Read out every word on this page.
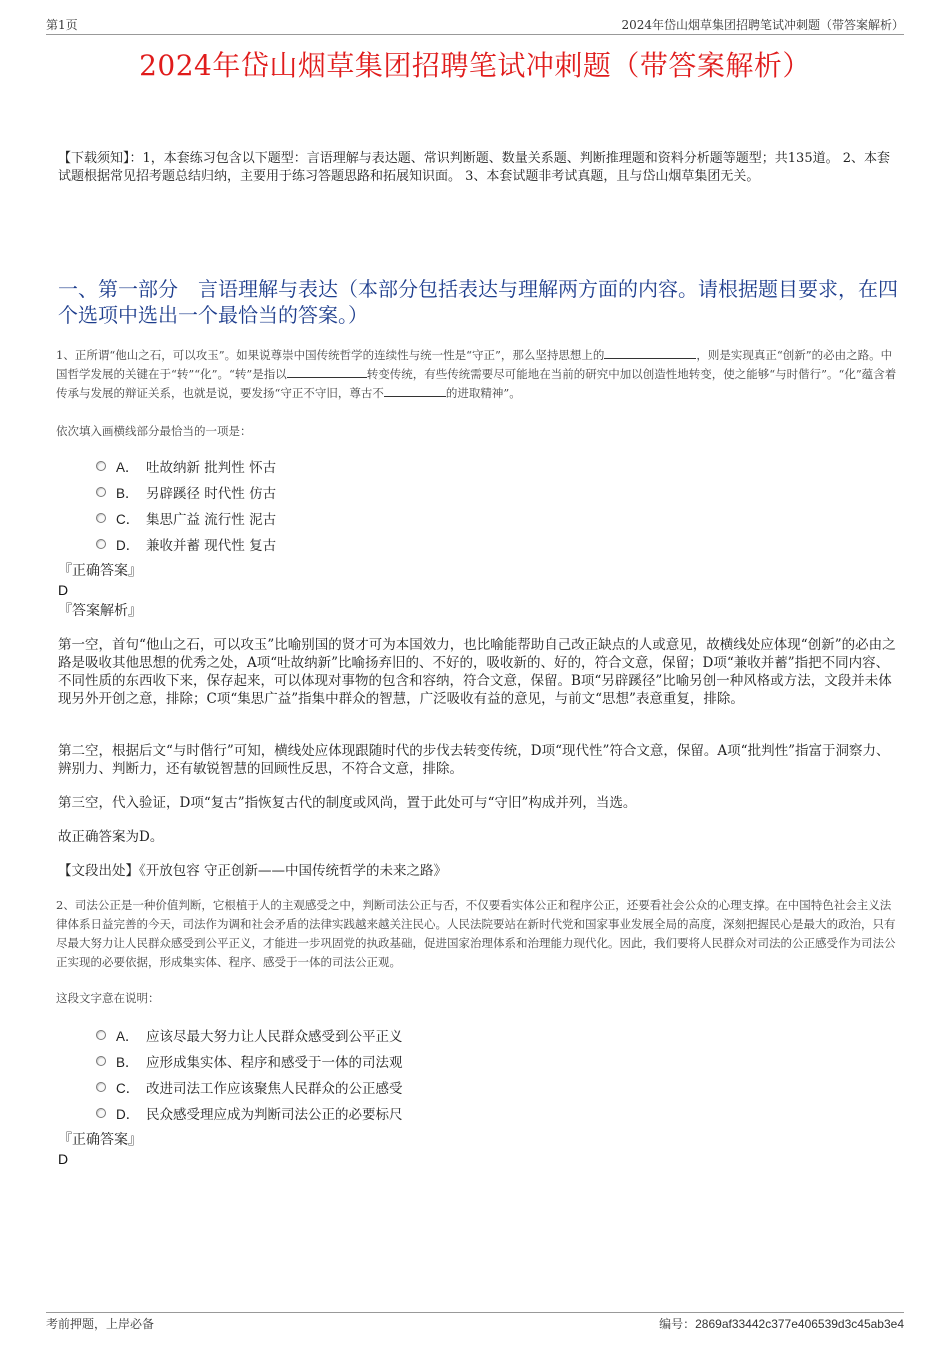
第1页	2024年岱山烟草集团招聘笔试冲刺题（带答案解析）
2024年岱山烟草集团招聘笔试冲刺题（带答案解析）
【下载须知】：1，本套练习包含以下题型：言语理解与表达题、常识判断题、数量关系题、判断推理题和资料分析题等题型；共135道。 2、本套试题根据常见招考题总结归纳，主要用于练习答题思路和拓展知识面。 3、本套试题非考试真题，且与岱山烟草集团无关。
一、第一部分　言语理解与表达（本部分包括表达与理解两方面的内容。请根据题目要求，在四个选项中选出一个最恰当的答案。）
1、正所谓“他山之石，可以攻玉”。如果说尊崇中国传统哲学的连续性与统一性是“守正”，那么坚持思想上的	，则是实现真正“创新”的必由之路。中国哲学发展的关键在于“转”“化”。“转”是指以	转变传统，有些传统需要尽可能地在当前的研究中加以创造性地转变，使之能够“与时偕行”。“化”蕴含着传承与发展的辩证关系，也就是说，要发扬“守正不守旧，尊古不	的进取精神”。
依次填入画横线部分最恰当的一项是：
A． 吐故纳新 批判性 怀古
B． 另辟蹊径 时代性 仿古
C． 集思广益 流行性 泥古
D． 兼收并蓄 现代性 复古
『正确答案』
D
『答案解析』
第一空，首句“他山之石，可以攻玉”比喻别国的贤才可为本国效力，也比喻能帮助自己改正缺点的人或意见，故横线处应体现“创新”的必由之路是吸收其他思想的优秀之处，A项“吐故纳新”比喻扬弃旧的、不好的，吸收新的、好的，符合文意，保留；D项“兼收并蓄”指把不同内容、不同性质的东西收下来，保存起来，可以体现对事物的包含和容纳，符合文意，保留。B项“另辟蹊径”比喻另创一种风格或方法，文段并未体现另外开创之意，排除；C项“集思广益”指集中群众的智慧，广泛吸收有益的意见，与前文“思想”表意重复，排除。
第二空，根据后文“与时偕行”可知，横线处应体现跟随时代的步伐去转变传统，D项“现代性”符合文意，保留。A项“批判性”指富于洞察力、辨别力、判断力，还有敏锐智慧的回顾性反思，不符合文意，排除。
第三空，代入验证，D项“复古”指恢复古代的制度或风尚，置于此处可与“守旧”构成并列，当选。
故正确答案为D。
【文段出处】《开放包容 守正创新——中国传统哲学的未来之路》
2、司法公正是一种价值判断，它根植于人的主观感受之中，判断司法公正与否，不仅要看实体公正和程序公正，还要看社会公众的心理支撑。在中国特色社会主义法律体系日益完善的今天，司法作为调和社会矛盾的法律实践越来越关注民心。人民法院要站在新时代党和国家事业发展全局的高度，深刻把握民心是最大的政治，只有尽最大努力让人民群众感受到公平正义，才能进一步巩固党的执政基础，促进国家治理体系和治理能力现代化。因此，我们要将人民群众对司法的公正感受作为司法公正实现的必要依据，形成集实体、程序、感受于一体的司法公正观。
这段文字意在说明：
A． 应该尽最大努力让人民群众感受到公平正义
B． 应形成集实体、程序和感受于一体的司法观
C． 改进司法工作应该聚焦人民群众的公正感受
D． 民众感受理应成为判断司法公正的必要标尺
『正确答案』
D
考前押题，上岸必备	编号：2869af33442c377e406539d3c45ab3e4
